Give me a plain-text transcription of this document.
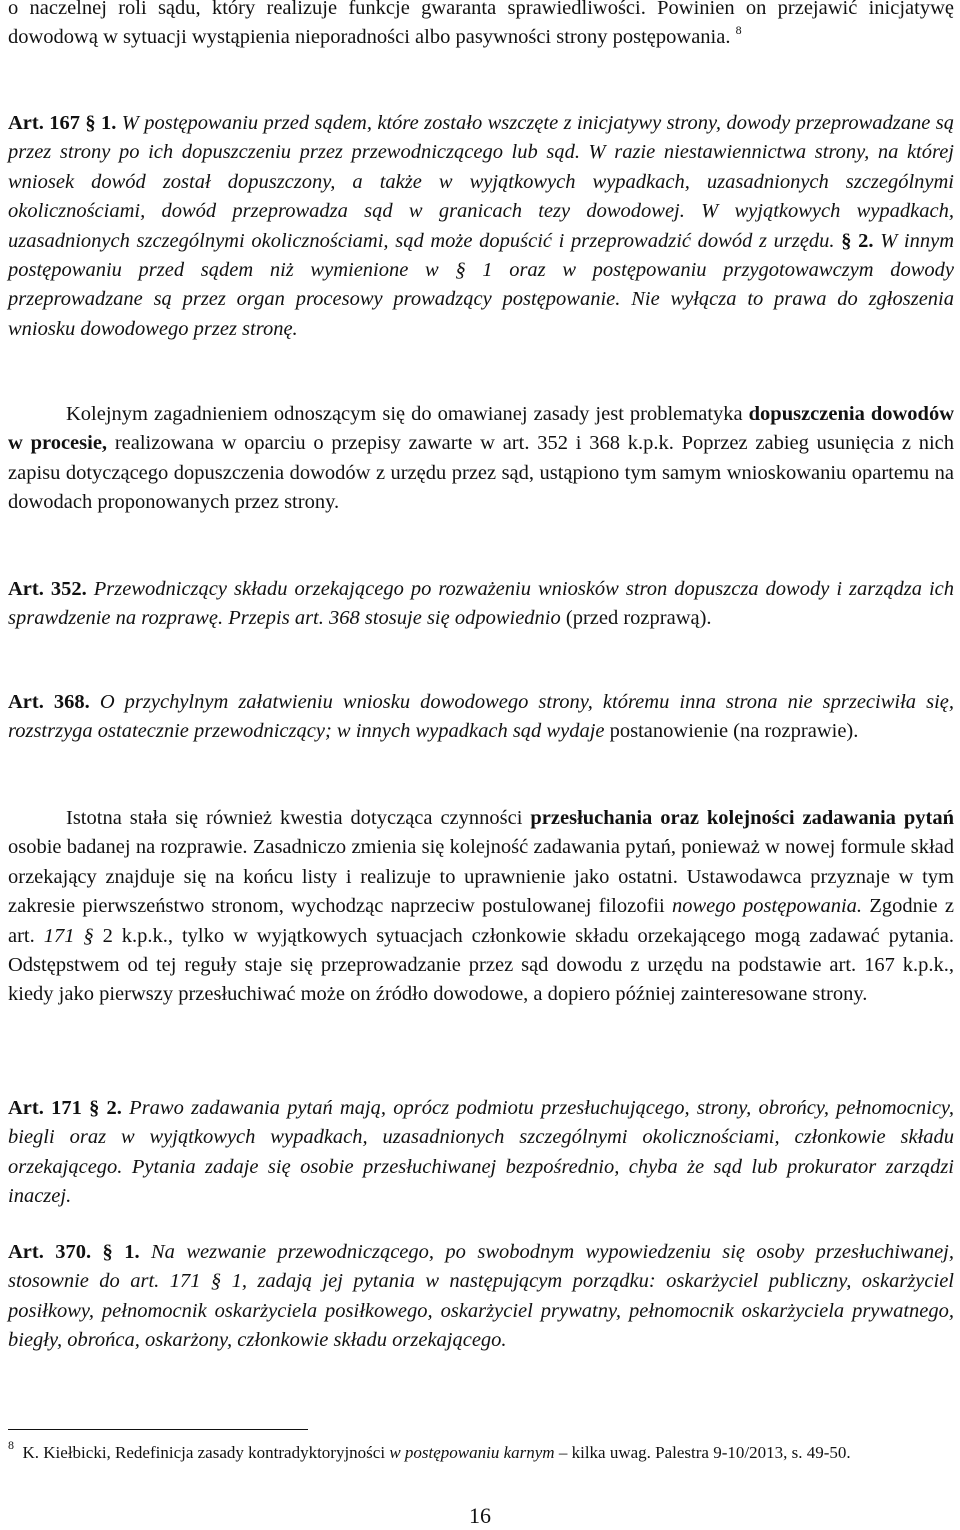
o naczelnej roli sądu, który realizuje funkcje gwaranta sprawiedliwości. Powinien on przejawić inicjatywę dowodową w sytuacji wystąpienia nieporadności albo pasywności strony postępowania. $^8$
Art. 167 § 1. W postępowaniu przed sądem, które zostało wszczęte z inicjatywy strony, dowody przeprowadzane są przez strony po ich dopuszczeniu przez przewodniczącego lub sąd. W razie niestawiennictwa strony, na której wniosek dowód został dopuszczony, a także w wyjątkowych wypadkach, uzasadnionych szczególnymi okolicznościami, dowód przeprowadza sąd w granicach tezy dowodowej. W wyjątkowych wypadkach, uzasadnionych szczególnymi okolicznościami, sąd może dopuścić i przeprowadzić dowód z urzędu. § 2. W innym postępowaniu przed sądem niż wymienione w § 1 oraz w postępowaniu przygotowawczym dowody przeprowadzane są przez organ procesowy prowadzący postępowanie. Nie wyłącza to prawa do zgłoszenia wniosku dowodowego przez stronę.
Kolejnym zagadnieniem odnoszącym się do omawianej zasady jest problematyka dopuszczenia dowodów w procesie, realizowana w oparciu o przepisy zawarte w art. 352 i 368 k.p.k. Poprzez zabieg usunięcia z nich zapisu dotyczącego dopuszczenia dowodów z urzędu przez sąd, ustąpiono tym samym wnioskowaniu opartemu na dowodach proponowanych przez strony.
Art. 352. Przewodniczący składu orzekającego po rozważeniu wniosków stron dopuszcza dowody i zarządza ich sprawdzenie na rozprawę. Przepis art. 368 stosuje się odpowiednio (przed rozprawą).
Art. 368. O przychylnym załatwieniu wniosku dowodowego strony, któremu inna strona nie sprzeciwiła się, rozstrzyga ostatecznie przewodniczący; w innych wypadkach sąd wydaje postanowienie (na rozprawie).
Istotna stała się również kwestia dotycząca czynności przesłuchania oraz kolejności zadawania pytań osobie badanej na rozprawie. Zasadniczo zmienia się kolejność zadawania pytań, ponieważ w nowej formule skład orzekający znajduje się na końcu listy i realizuje to uprawnienie jako ostatni. Ustawodawca przyznaje w tym zakresie pierwszeństwo stronom, wychodząc naprzeciw postulowanej filozofii nowego postępowania. Zgodnie z art. 171 § 2 k.p.k., tylko w wyjątkowych sytuacjach członkowie składu orzekającego mogą zadawać pytania. Odstępstwem od tej reguły staje się przeprowadzanie przez sąd dowodu z urzędu na podstawie art. 167 k.p.k., kiedy jako pierwszy przesłuchiwać może on źródło dowodowe, a dopiero później zainteresowane strony.
Art. 171 § 2. Prawo zadawania pytań mają, oprócz podmiotu przesłuchującego, strony, obrońcy, pełnomocnicy, biegli oraz w wyjątkowych wypadkach, uzasadnionych szczególnymi okolicznościami, członkowie składu orzekającego. Pytania zadaje się osobie przesłuchiwanej bezpośrednio, chyba że sąd lub prokurator zarządzi inaczej.
Art. 370. § 1. Na wezwanie przewodniczącego, po swobodnym wypowiedzeniu się osoby przesłuchiwanej, stosownie do art. 171 § 1, zadają jej pytania w następującym porządku: oskarżyciel publiczny, oskarżyciel posiłkowy, pełnomocnik oskarżyciela posiłkowego, oskarżyciel prywatny, pełnomocnik oskarżyciela prywatnego, biegły, obrońca, oskarżony, członkowie składu orzekającego.
$^8$ K. Kiełbicki, Redefinicja zasady kontradyktoryjności w postępowaniu karnym – kilka uwag. Palestra 9-10/2013, s. 49-50.
16
